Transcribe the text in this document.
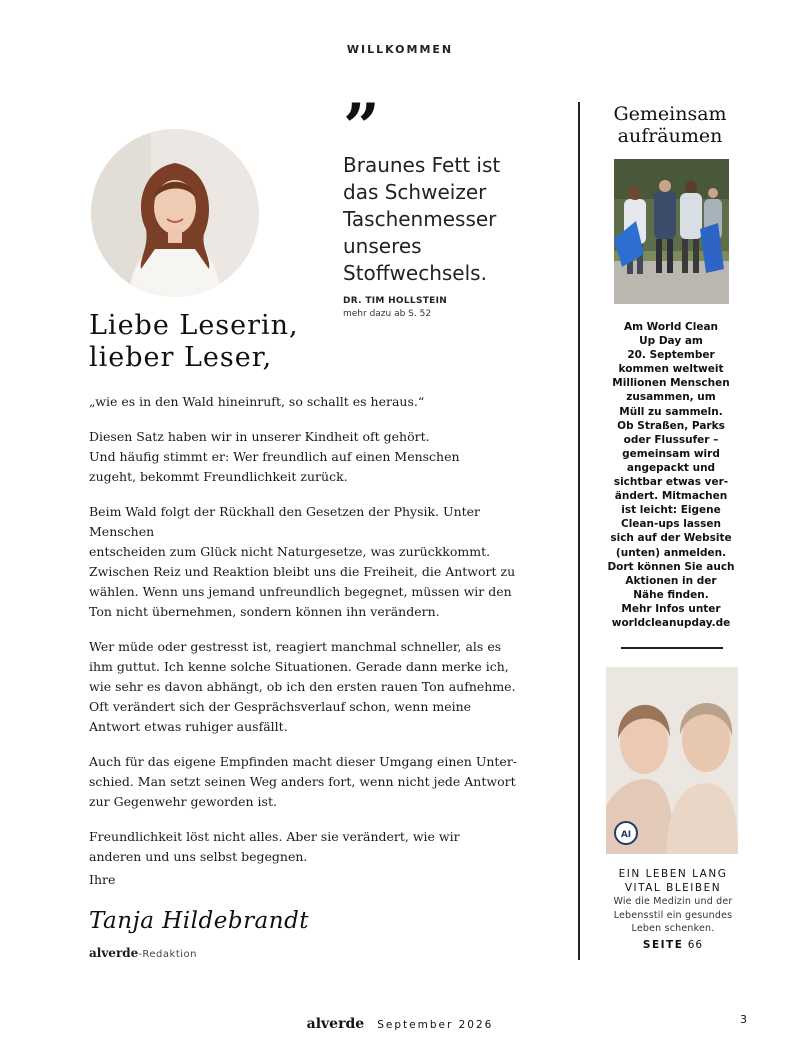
WILLKOMMEN
”
Braunes Fett ist
das Schweizer
Taschenmesser
unseres
Stoffwechsels.
DR. TIM HOLLSTEIN
mehr dazu ab S. 52
Liebe Leserin,
lieber Leser,

„wie es in den Wald hineinruft, so schallt es heraus.“

Diesen Satz haben wir in unserer Kindheit oft gehört.
Und häufig stimmt er: Wer freundlich auf einen Menschen
zugeht, bekommt Freundlichkeit zurück.

Beim Wald folgt der Rückhall den Gesetzen der Physik. Unter Menschen
entscheiden zum Glück nicht Naturgesetze, was zurückkommt.
Zwischen Reiz und Reaktion bleibt uns die Freiheit, die Antwort zu
wählen. Wenn uns jemand unfreundlich begegnet, müssen wir den
Ton nicht übernehmen, sondern können ihn verändern.

Wer müde oder gestresst ist, reagiert manchmal schneller, als es
ihm guttut. Ich kenne solche Situationen. Gerade dann merke ich,
wie sehr es davon abhängt, ob ich den ersten rauen Ton aufnehme.
Oft verändert sich der Gesprächsverlauf schon, wenn meine
Antwort etwas ruhiger ausfällt.

Auch für das eigene Empfinden macht dieser Umgang einen Unter-
schied. Man setzt seinen Weg anders fort, wenn nicht jede Antwort
zur Gegenwehr geworden ist.

Freundlichkeit löst nicht alles. Aber sie verändert, wie wir
anderen und uns selbst begegnen.

Ihre
Tanja Hildebrandt
alverde-Redaktion
Gemeinsam
aufräumen
Am World Clean
Up Day am
20. September
kommen weltweit
Millionen Menschen
zusammen, um
Müll zu sammeln.
Ob Straßen, Parks
oder Flussufer –
gemeinsam wird
angepackt und
sichtbar etwas ver-
ändert. Mitmachen
ist leicht: Eigene
Clean-ups lassen
sich auf der Website
(unten) anmelden.
Dort können Sie auch
Aktionen in der
Nähe finden.
Mehr Infos unter
worldcleanupday.de
AI
EIN LEBEN LANG
VITAL BLEIBEN
Wie die Medizin und der
Lebensstil ein gesundes
Leben schenken.
SEITE 66
alverde September 2026	3
